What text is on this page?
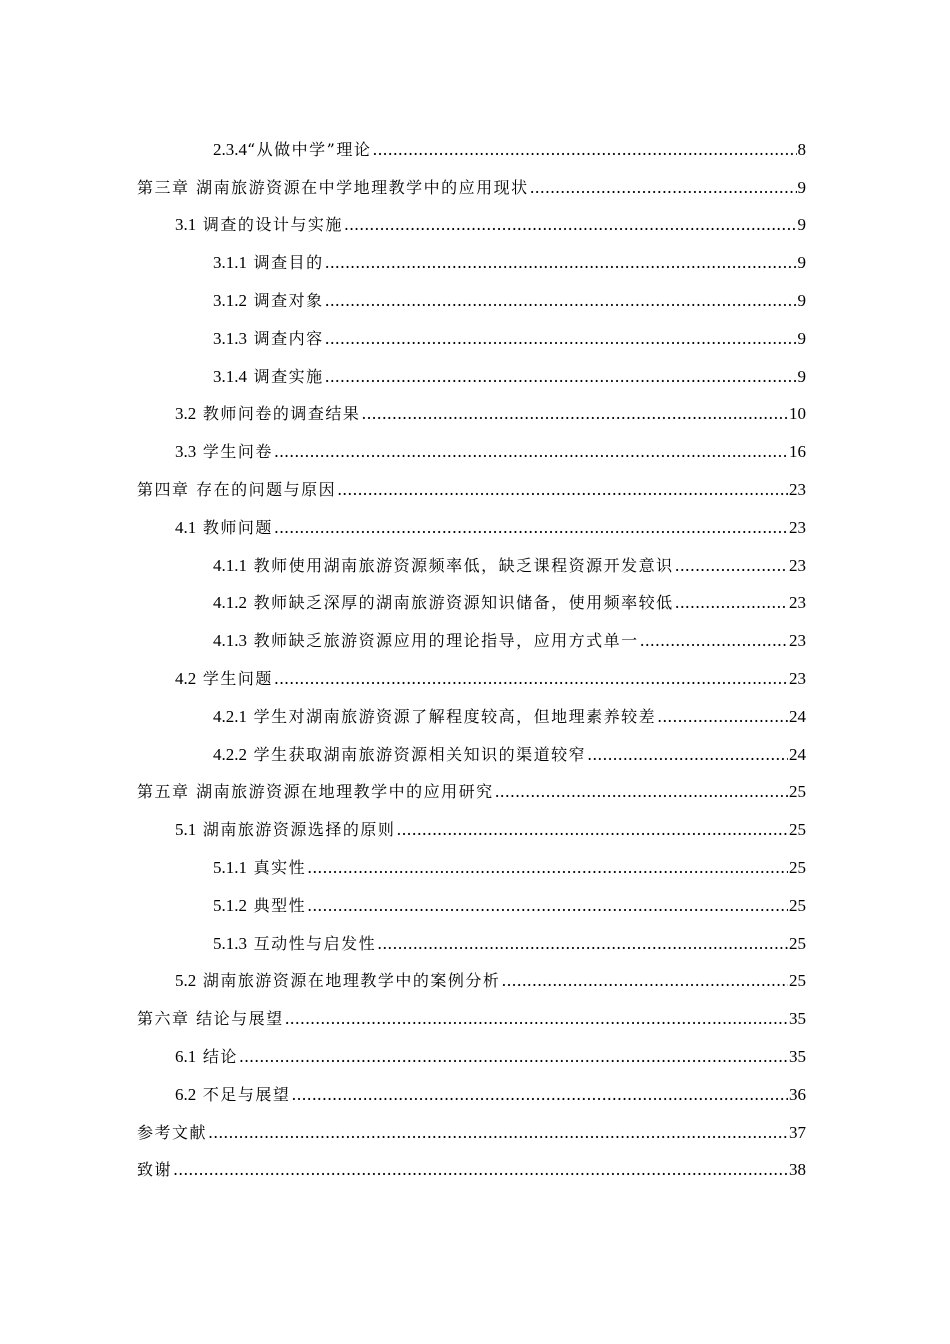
2.3.4“从做中学”理论 .....	8
第三章 湖南旅游资源在中学地理教学中的应用现状 .....	9
3.1 调查的设计与实施 .....	9
3.1.1 调查目的 .....	9
3.1.2 调查对象 .....	9
3.1.3 调查内容 .....	9
3.1.4 调查实施 .....	9
3.2 教师问卷的调查结果 .....	10
3.3 学生问卷 .....	16
第四章 存在的问题与原因 .....	23
4.1 教师问题 .....	23
4.1.1 教师使用湖南旅游资源频率低，缺乏课程资源开发意识 .....	23
4.1.2 教师缺乏深厚的湖南旅游资源知识储备，使用频率较低 .....	23
4.1.3 教师缺乏旅游资源应用的理论指导，应用方式单一 .....	23
4.2 学生问题 .....	23
4.2.1 学生对湖南旅游资源了解程度较高，但地理素养较差 .....	24
4.2.2 学生获取湖南旅游资源相关知识的渠道较窄 .....	24
第五章 湖南旅游资源在地理教学中的应用研究 .....	25
5.1 湖南旅游资源选择的原则 .....	25
5.1.1 真实性 .....	25
5.1.2 典型性 .....	25
5.1.3 互动性与启发性 .....	25
5.2 湖南旅游资源在地理教学中的案例分析 .....	25
第六章 结论与展望 .....	35
6.1 结论 .....	35
6.2 不足与展望 .....	36
参考文献 .....	37
致谢 .....	38
